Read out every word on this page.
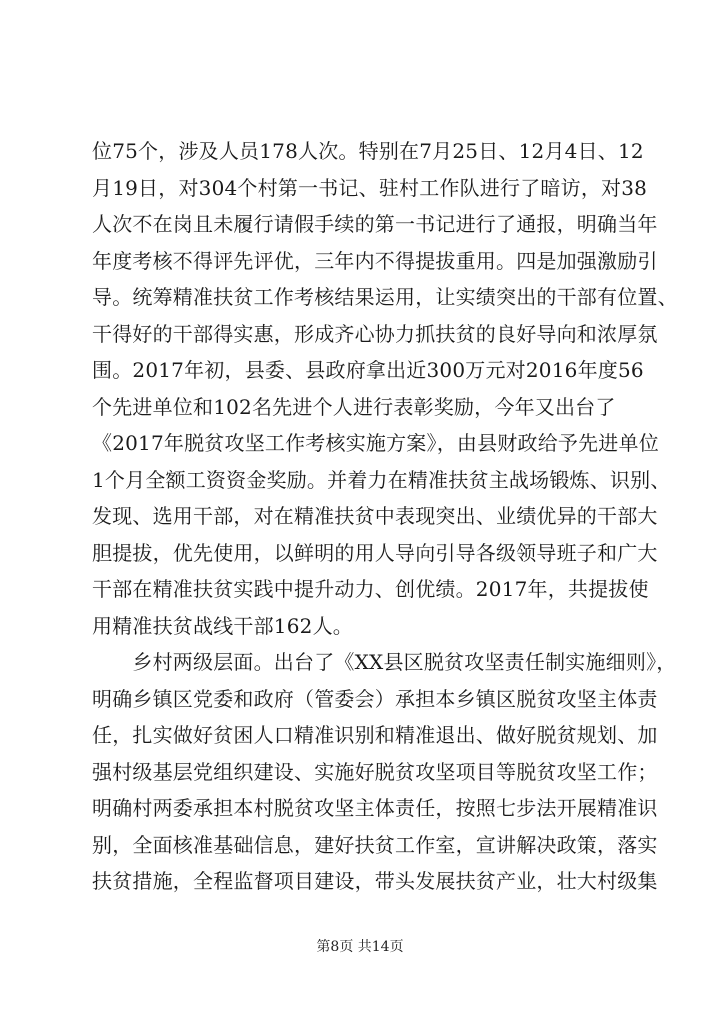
位75个，涉及人员178人次。特别在7月25日、12月4日、12
月19日，对304个村第一书记、驻村工作队进行了暗访，对38
人次不在岗且未履行请假手续的第一书记进行了通报，明确当年
年度考核不得评先评优，三年内不得提拔重用。四是加强激励引
导。统筹精准扶贫工作考核结果运用，让实绩突出的干部有位置、
干得好的干部得实惠，形成齐心协力抓扶贫的良好导向和浓厚氛
围。2017年初，县委、县政府拿出近300万元对2016年度56
个先进单位和102名先进个人进行表彰奖励，今年又出台了
《2017年脱贫攻坚工作考核实施方案》，由县财政给予先进单位
1个月全额工资资金奖励。并着力在精准扶贫主战场锻炼、识别、
发现、选用干部，对在精准扶贫中表现突出、业绩优异的干部大
胆提拔，优先使用，以鲜明的用人导向引导各级领导班子和广大
干部在精准扶贫实践中提升动力、创优绩。2017年，共提拔使
用精准扶贫战线干部162人。
　　乡村两级层面。出台了《XX县区脱贫攻坚责任制实施细则》，
明确乡镇区党委和政府（管委会）承担本乡镇区脱贫攻坚主体责
任，扎实做好贫困人口精准识别和精准退出、做好脱贫规划、加
强村级基层党组织建设、实施好脱贫攻坚项目等脱贫攻坚工作；
明确村两委承担本村脱贫攻坚主体责任，按照七步法开展精准识
别，全面核准基础信息，建好扶贫工作室，宣讲解决政策，落实
扶贫措施，全程监督项目建设，带头发展扶贫产业，壮大村级集
第8页 共14页
